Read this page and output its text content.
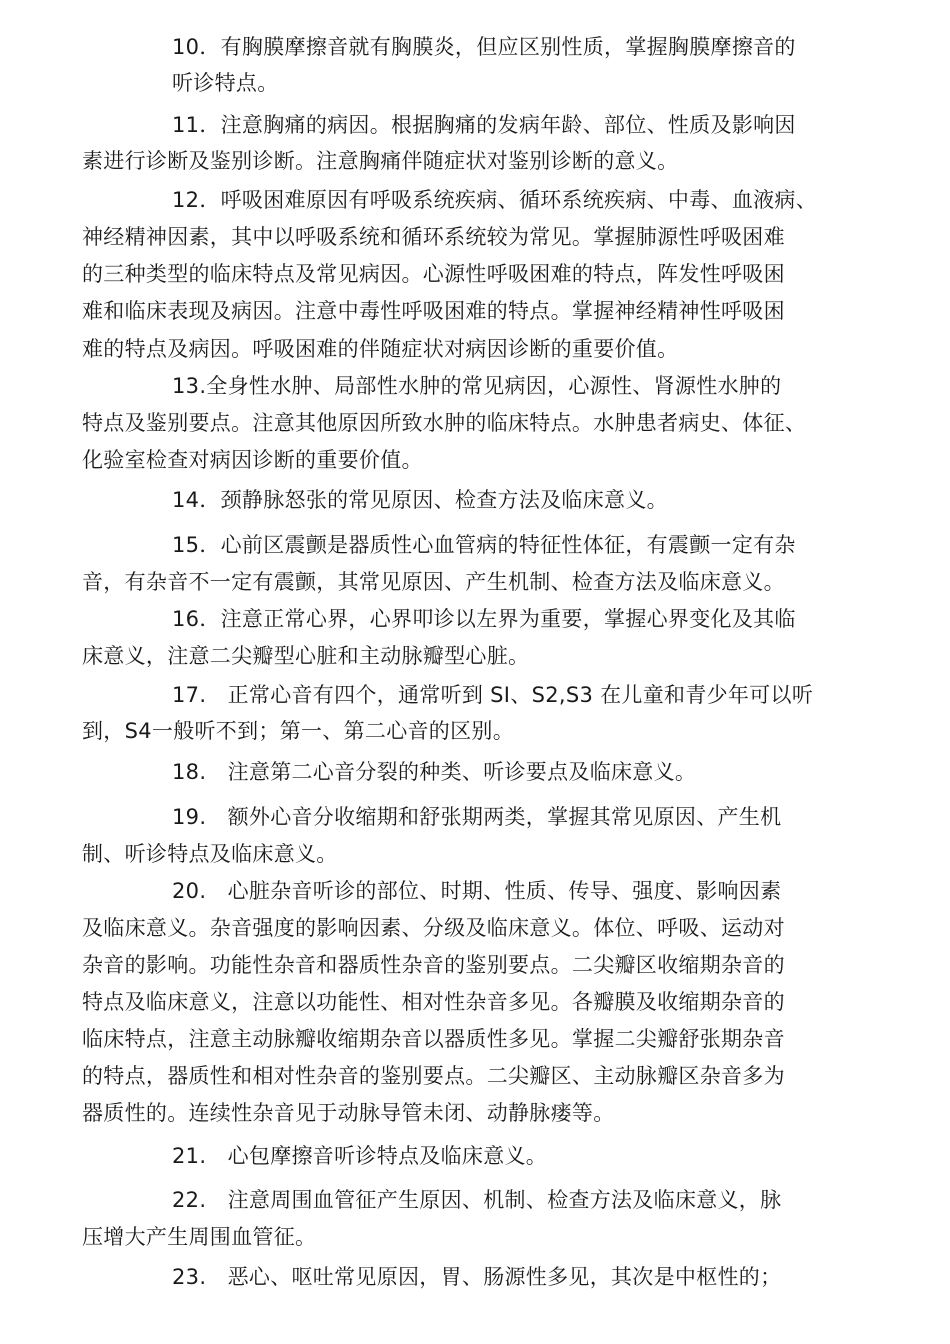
10．有胸膜摩擦音就有胸膜炎，但应区别性质，掌握胸膜摩擦音的
听诊特点。
11．注意胸痛的病因。根据胸痛的发病年龄、部位、性质及影响因
素进行诊断及鉴别诊断。注意胸痛伴随症状对鉴别诊断的意义。
12．呼吸困难原因有呼吸系统疾病、循环系统疾病、中毒、血液病、
神经精神因素，其中以呼吸系统和循环系统较为常见。掌握肺源性呼吸困难
的三种类型的临床特点及常见病因。心源性呼吸困难的特点，阵发性呼吸困
难和临床表现及病因。注意中毒性呼吸困难的特点。掌握神经精神性呼吸困
难的特点及病因。呼吸困难的伴随症状对病因诊断的重要价值。
13.全身性水肿、局部性水肿的常见病因，心源性、肾源性水肿的
特点及鉴别要点。注意其他原因所致水肿的临床特点。水肿患者病史、体征、
化验室检查对病因诊断的重要价值。
14．颈静脉怒张的常见原因、检查方法及临床意义。
15．心前区震颤是器质性心血管病的特征性体征，有震颤一定有杂
音，有杂音不一定有震颤，其常见原因、产生机制、检查方法及临床意义。
16．注意正常心界，心界叩诊以左界为重要，掌握心界变化及其临
床意义，注意二尖瓣型心脏和主动脉瓣型心脏。
17.　正常心音有四个，通常听到 SI、S2,S3 在儿童和青少年可以听
到，S4一般听不到；第一、第二心音的区别。
18.　注意第二心音分裂的种类、听诊要点及临床意义。
19.　额外心音分收缩期和舒张期两类，掌握其常见原因、产生机
制、听诊特点及临床意义。
20.　心脏杂音听诊的部位、时期、性质、传导、强度、影响因素
及临床意义。杂音强度的影响因素、分级及临床意义。体位、呼吸、运动对
杂音的影响。功能性杂音和器质性杂音的鉴别要点。二尖瓣区收缩期杂音的
特点及临床意义，注意以功能性、相对性杂音多见。各瓣膜及收缩期杂音的
临床特点，注意主动脉瓣收缩期杂音以器质性多见。掌握二尖瓣舒张期杂音
的特点，器质性和相对性杂音的鉴别要点。二尖瓣区、主动脉瓣区杂音多为
器质性的。连续性杂音见于动脉导管未闭、动静脉瘘等。
21.　心包摩擦音听诊特点及临床意义。
22.　注意周围血管征产生原因、机制、检查方法及临床意义，脉
压增大产生周围血管征。
23.　恶心、呕吐常见原因，胃、肠源性多见，其次是中枢性的；
